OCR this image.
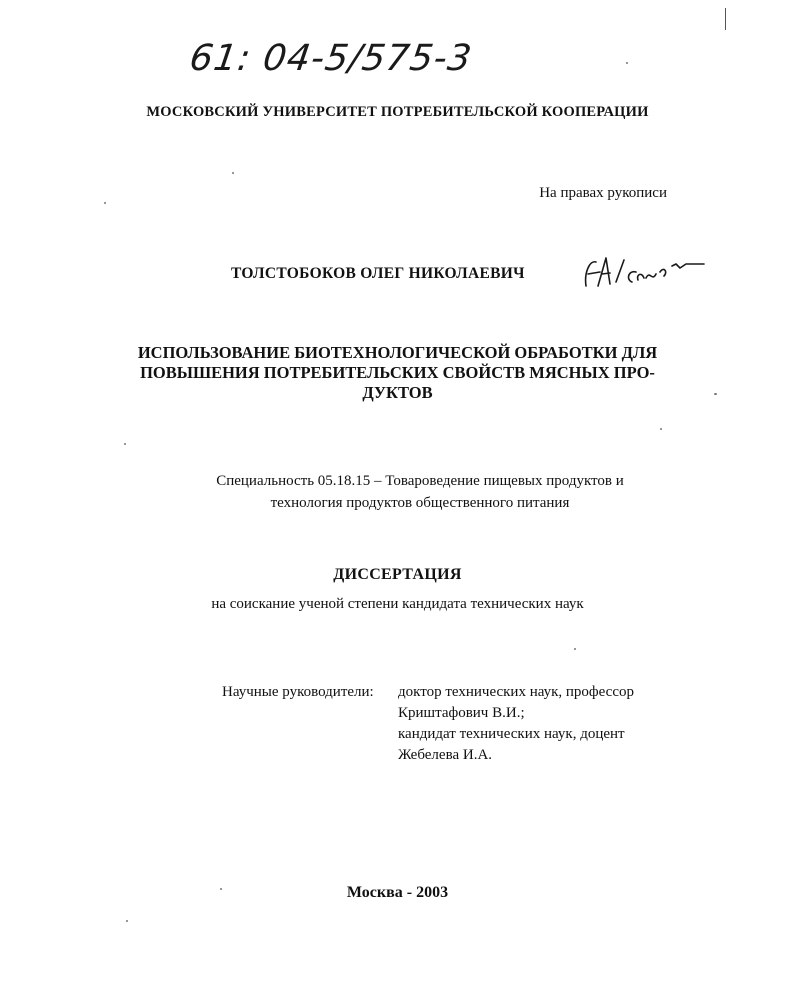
61: 04-5/575-3
МОСКОВСКИЙ УНИВЕРСИТЕТ ПОТРЕБИТЕЛЬСКОЙ КООПЕРАЦИИ
На правах рукописи
ТОЛСТОБОКОВ ОЛЕГ НИКОЛАЕВИЧ
ИСПОЛЬЗОВАНИЕ БИОТЕХНОЛОГИЧЕСКОЙ ОБРАБОТКИ ДЛЯ
ПОВЫШЕНИЯ ПОТРЕБИТЕЛЬСКИХ СВОЙСТВ МЯСНЫХ ПРО-
ДУКТОВ
Специальность 05.18.15 – Товароведение пищевых продуктов и
технология продуктов общественного питания
ДИССЕРТАЦИЯ
на соискание ученой степени кандидата технических наук
Научные руководители: доктор технических наук, профессор
Криштафович В.И.;
кандидат технических наук, доцент
Жебелева И.А.
Москва - 2003
